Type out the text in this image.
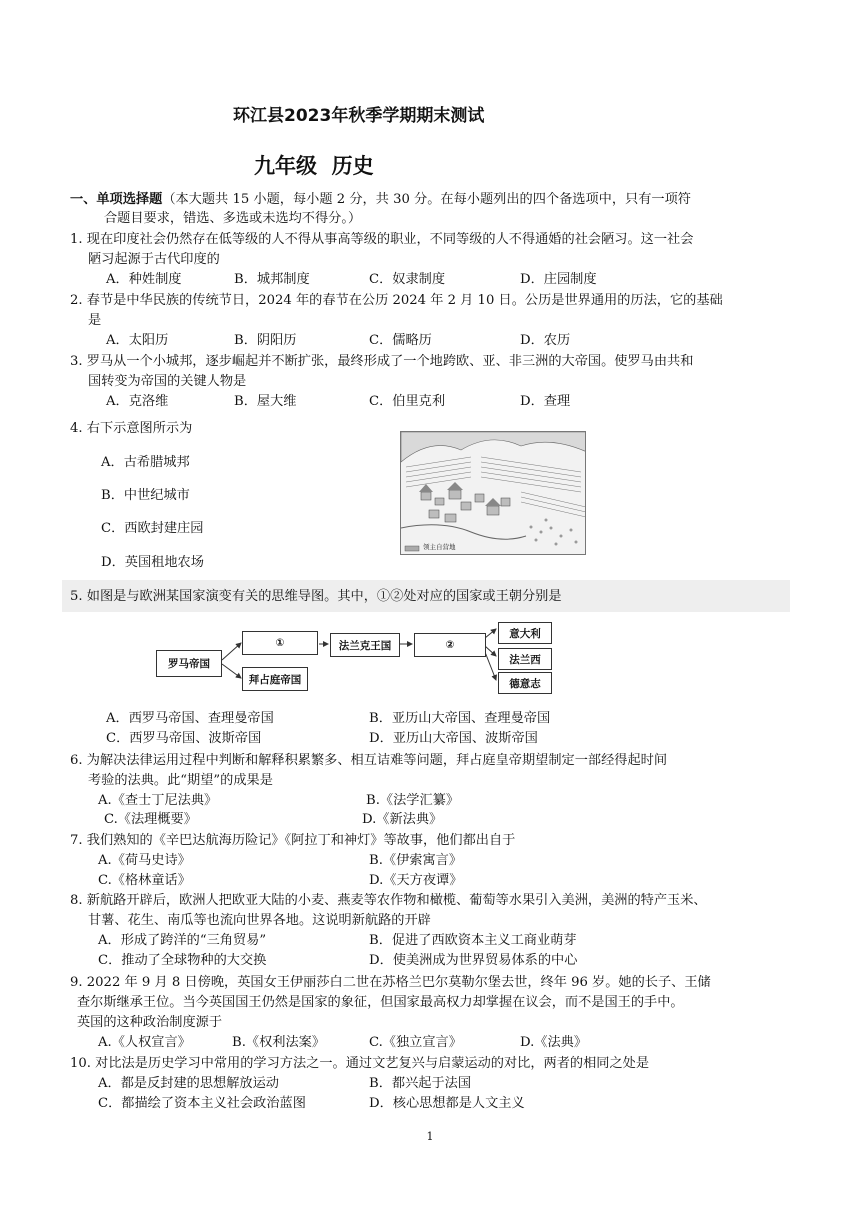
环江县2023年秋季学期期末测试
九年级  历史
一、单项选择题（本大题共 15 小题，每小题 2 分，共 30 分。在每小题列出的四个备选项中，只有一项符
合题目要求，错选、多选或未选均不得分。）
1. 现在印度社会仍然存在低等级的人不得从事高等级的职业，不同等级的人不得通婚的社会陋习。这一社会
陋习起源于古代印度的
A．种姓制度	B．城邦制度	C．奴隶制度	D．庄园制度
2. 春节是中华民族的传统节日，2024 年的春节在公历 2024 年 2 月 10 日。公历是世界通用的历法，它的基础
是
A．太阳历	B．阴阳历	C．儒略历	D．农历
3. 罗马从一个小城邦，逐步崛起并不断扩张，最终形成了一个地跨欧、亚、非三洲的大帝国。使罗马由共和
国转变为帝国的关键人物是
A．克洛维	B．屋大维	C．伯里克利	D．查理
4. 右下示意图所示为
A．古希腊城邦
B．中世纪城市
C．西欧封建庄园
D．英国租地农场
领主自营地
5. 如图是与欧洲某国家演变有关的思维导图。其中，①②处对应的国家或王朝分别是
罗马帝国
①
拜占庭帝国
法兰克王国	②
意大利
法兰西
德意志
A．西罗马帝国、查理曼帝国	B．亚历山大帝国、查理曼帝国
C．西罗马帝国、波斯帝国	D．亚历山大帝国、波斯帝国
6. 为解决法律运用过程中判断和解释积累繁多、相互诘难等问题，拜占庭皇帝期望制定一部经得起时间
考验的法典。此“期望”的成果是
A.《查士丁尼法典》	B.《法学汇纂》
C.《法理概要》	D.《新法典》
7. 我们熟知的《辛巴达航海历险记》《阿拉丁和神灯》等故事，他们都出自于
A.《荷马史诗》	B.《伊索寓言》
C.《格林童话》	D.《天方夜谭》
8. 新航路开辟后，欧洲人把欧亚大陆的小麦、燕麦等农作物和橄榄、葡萄等水果引入美洲，美洲的特产玉米、
甘薯、花生、南瓜等也流向世界各地。这说明新航路的开辟
A．形成了跨洋的“三角贸易”	B．促进了西欧资本主义工商业萌芽
C．推动了全球物种的大交换	D．使美洲成为世界贸易体系的中心
9. 2022 年 9 月 8 日傍晚，英国女王伊丽莎白二世在苏格兰巴尔莫勒尔堡去世，终年 96 岁。她的长子、王储
查尔斯继承王位。当今英国国王仍然是国家的象征，但国家最高权力却掌握在议会，而不是国王的手中。
英国的这种政治制度源于
A.《人权宣言》	B.《权利法案》	C.《独立宣言》	D.《法典》
10. 对比法是历史学习中常用的学习方法之一。通过文艺复兴与启蒙运动的对比，两者的相同之处是
A．都是反封建的思想解放运动	B．都兴起于法国
C．都描绘了资本主义社会政治蓝图	D．核心思想都是人文主义
1
